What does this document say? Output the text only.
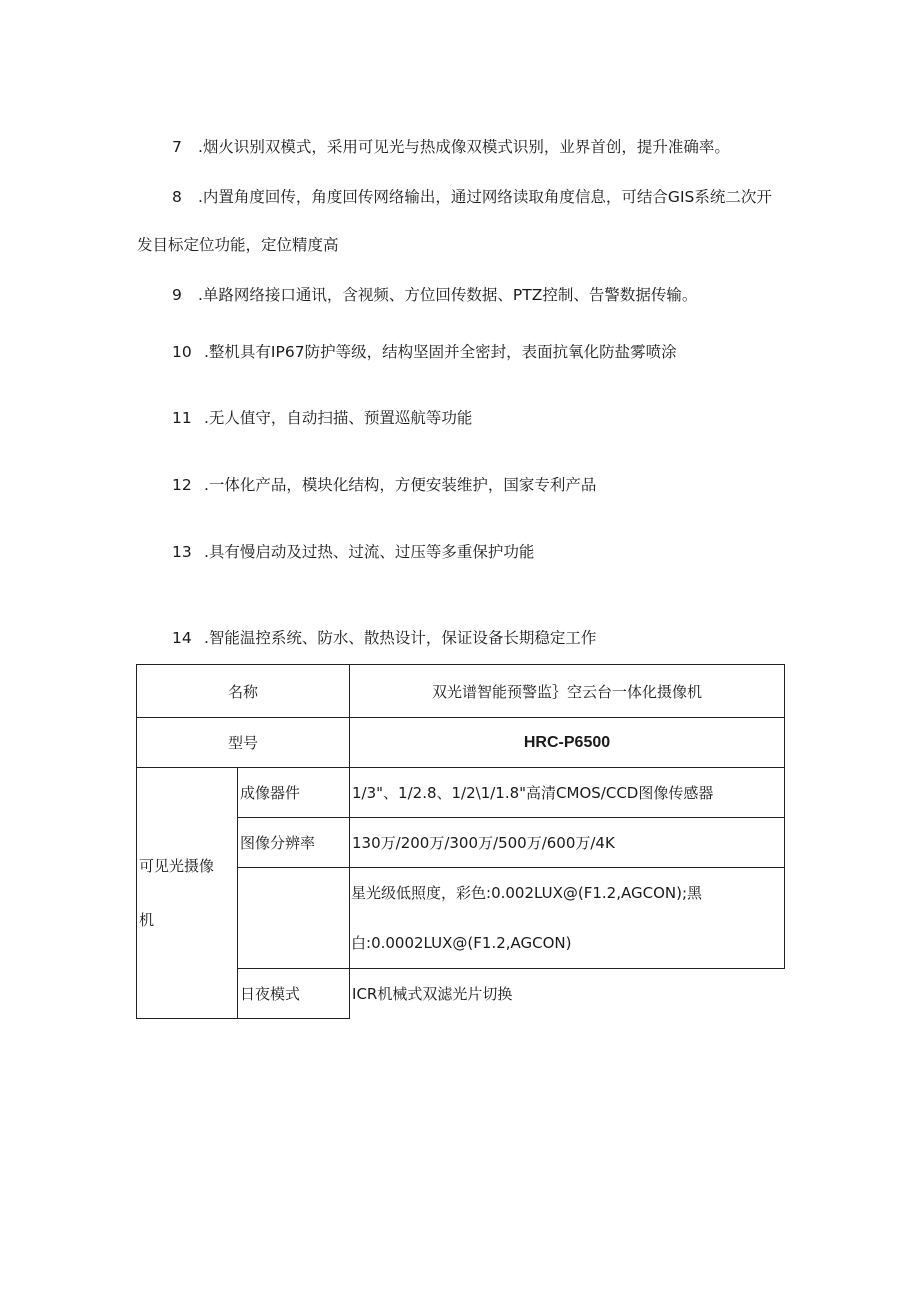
7 .烟火识别双模式，采用可见光与热成像双模式识别，业界首创，提升准确率。
8 .内置角度回传，角度回传网络输出，通过网络读取角度信息，可结合GIS系统二次开
发目标定位功能，定位精度高
9 .单路网络接口通讯，含视频、方位回传数据、PTZ控制、告警数据传输。
10 .整机具有IP67防护等级，结构坚固并全密封，表面抗氧化防盐雾喷涂
11 .无人值守，自动扫描、预置巡航等功能
12 .一体化产品，模块化结构，方便安装维护，国家专利产品
13 .具有慢启动及过热、过流、过压等多重保护功能
14 .智能温控系统、防水、散热设计，保证设备长期稳定工作
名称		双光谱智能预警监｝空云台一体化摄像机
型号		HRC-P6500

可见光摄像
机	成像器件	1/3"、1/2.8、1/2\1/1.8"高清CMOS/CCD图像传感器
	图像分辨率	130万/200万/300万/500万/600万/4K

		星光级低照度，彩色:0.002LUX@(F1.2,AGCON);黑
白:0.0002LUX@(F1.2,AGCON)

	日夜模式	ICR机械式双滤光片切换
